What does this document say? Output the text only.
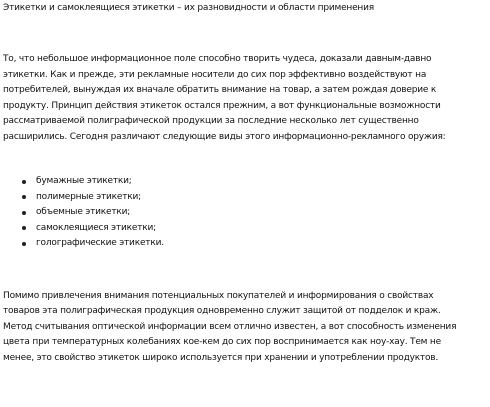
Этикетки и самоклеящиеся этикетки – их разновидности и области применения

То, что небольшое информационное поле способно творить чудеса, доказали давным-давно этикетки. Как и прежде, эти рекламные носители до сих пор эффективно воздействуют на потребителей, вынуждая их вначале обратить внимание на товар, а затем рождая доверие к продукту. Принцип действия этикеток остался прежним, а вот функциональные возможности рассматриваемой полиграфической продукции за последние несколько лет существенно расширились. Сегодня различают следующие виды этого информационно-рекламного оружия:

бумажные этикетки;
полимерные этикетки;
объемные этикетки;
самоклеящиеся этикетки;
голографические этикетки.

Помимо привлечения внимания потенциальных покупателей и информирования о свойствах товаров эта полиграфическая продукция одновременно служит защитой от подделок и краж. Метод считывания оптической информации всем отлично известен, а вот способность изменения цвета при температурных колебаниях кое-кем до сих пор воспринимается как ноу-хау. Тем не менее, это свойство этикеток широко используется при хранении и употреблении продуктов.
